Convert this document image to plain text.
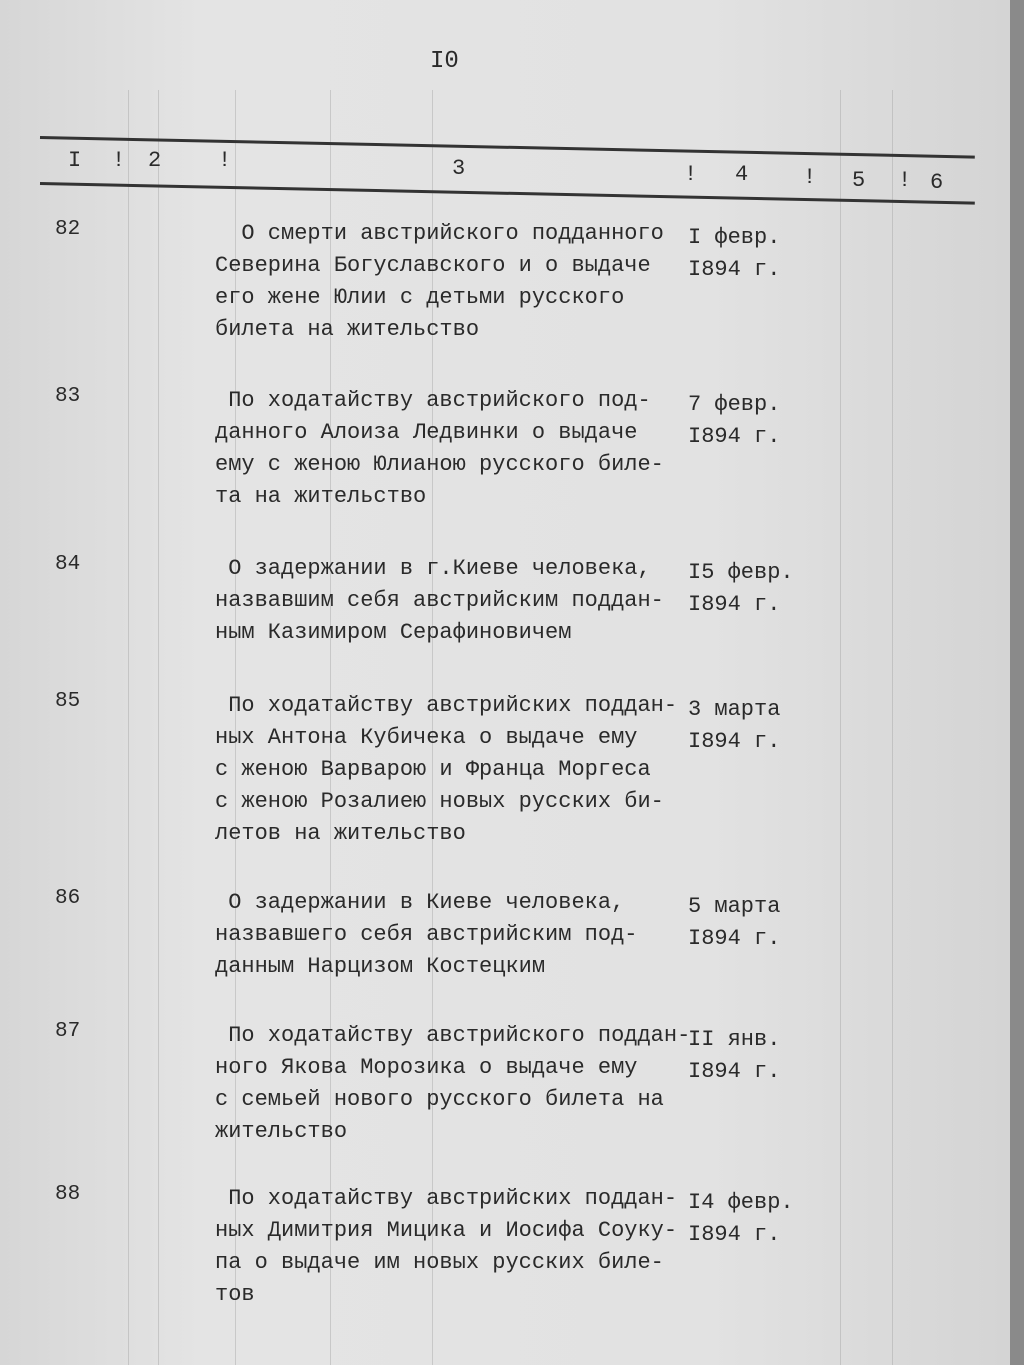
I0
I ! 2	!	3	! 4 ! 5 ! 6
82	О смерти австрийского подданного
Северина Богуславского и о выдаче
его жене Юлии с детьми русского
билета на жительство
I февр.
I894 г.
83	По ходатайству австрийского под-
данного Алоиза Ледвинки о выдаче
ему с женою Юлианою русского биле-
та на жительство
7 февр.
I894 г.
84	О задержании в г.Киеве человека,
назвавшим себя австрийским поддан-
ным Казимиром Серафиновичем
I5 февр.
I894 г.
85	По ходатайству австрийских поддан-
ных Антона Кубичека о выдаче ему
с женою Варварою и Франца Моргеса
с женою Розалиею новых русских би-
летов на жительство
3 марта
I894 г.
86	О задержании в Киеве человека,
назвавшего себя австрийским под-
данным Нарцизом Костецким
5 марта
I894 г.
87	По ходатайству австрийского поддан-
ного Якова Морозика о выдаче ему
с семьей нового русского билета на
жительство
II янв.
I894 г.
88	По ходатайству австрийских поддан-
ных Димитрия Мицика и Иосифа Соуку-
па о выдаче им новых русских биле-
тов
I4 февр.
I894 г.
